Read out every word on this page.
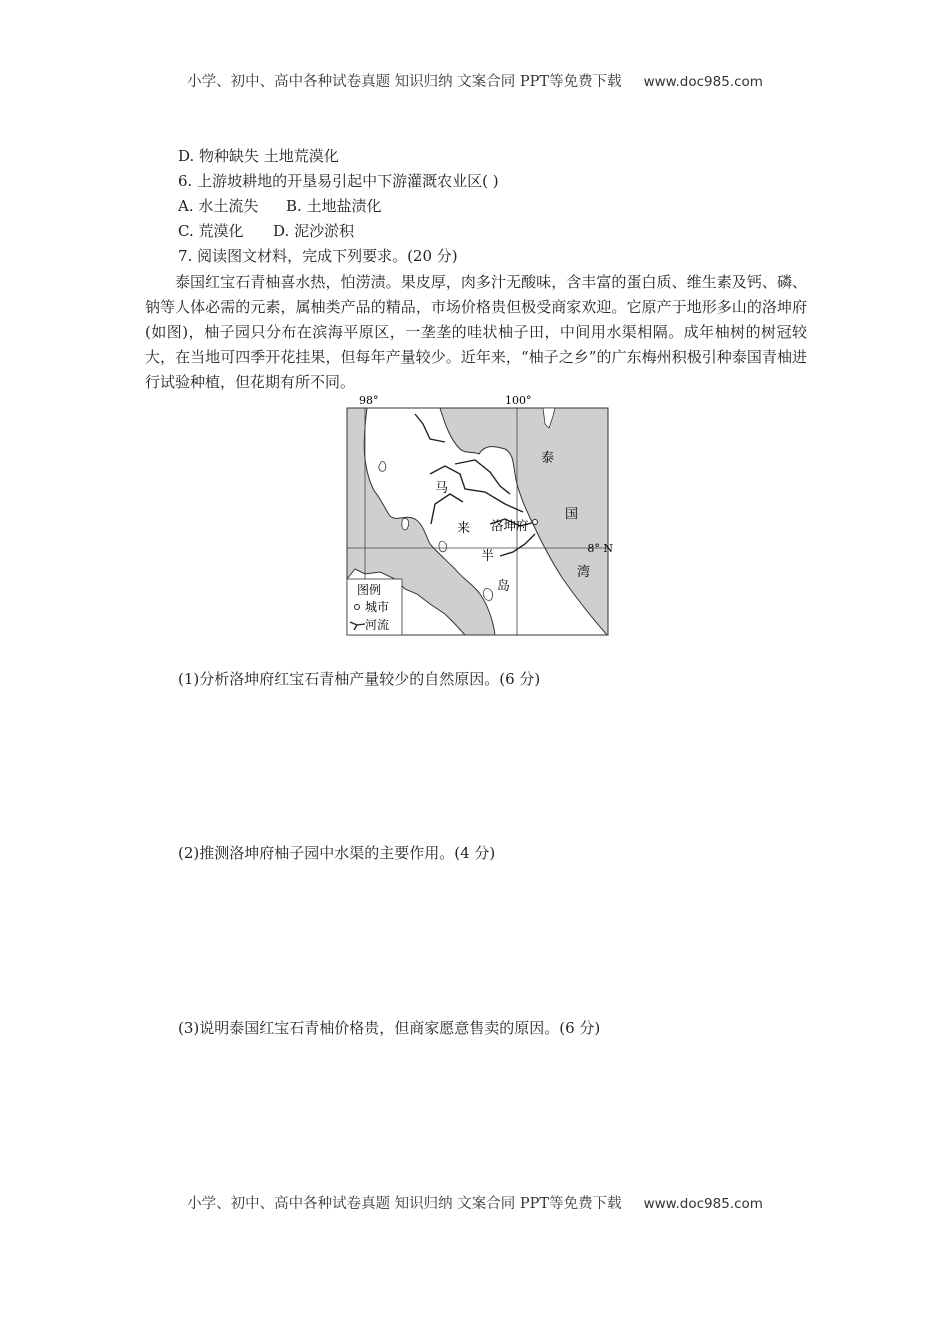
小学、初中、高中各种试卷真题 知识归纳 文案合同 PPT等免费下载 www.doc985.com
D. 物种缺失 土地荒漠化
6. 上游坡耕地的开垦易引起中下游灌溉农业区( )
A. 水土流失 B. 土地盐渍化
C. 荒漠化 D. 泥沙淤积
7. 阅读图文材料，完成下列要求。(20 分)

泰国红宝石青柚喜水热，怕涝渍。果皮厚，肉多汁无酸味，含丰富的蛋白质、维生素及钙、磷、钠等人体必需的元素，属柚类产品的精品，市场价格贵但极受商家欢迎。它原产于地形多山的洛坤府(如图)，柚子园只分布在滨海平原区，一垄垄的哇状柚子田，中间用水渠相隔。成年柚树的树冠较大，在当地可四季开花挂果，但每年产量较少。近年来，“柚子之乡”的广东梅州积极引种泰国青柚进行试验种植，但花期有所不同。

98°	100°
8° N
马
来
半
岛
泰
国
湾
洛坤府
图例
城市
河流
(1)分析洛坤府红宝石青柚产量较少的自然原因。(6 分)
(2)推测洛坤府柚子园中水渠的主要作用。(4 分)
(3)说明泰国红宝石青柚价格贵，但商家愿意售卖的原因。(6 分)
小学、初中、高中各种试卷真题 知识归纳 文案合同 PPT等免费下载 www.doc985.com
